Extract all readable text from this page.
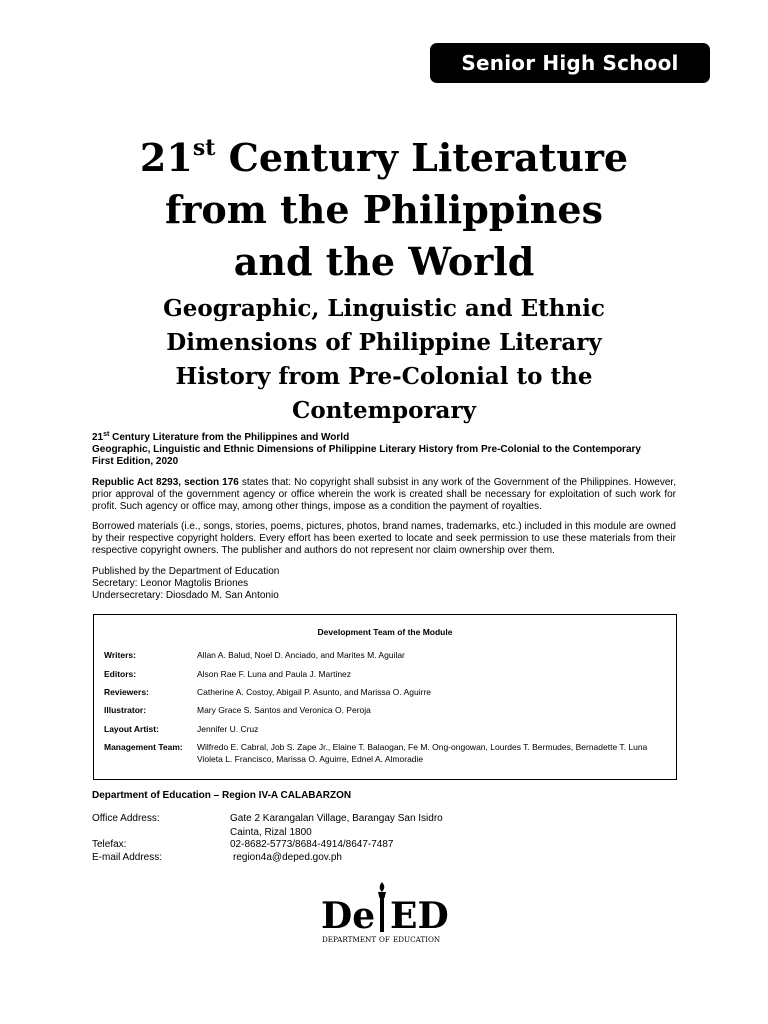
Senior High School
21st Century Literature
from the Philippines
and the World
Geographic, Linguistic and Ethnic
Dimensions of Philippine Literary
History from Pre-Colonial to the
Contemporary
21st Century Literature from the Philippines and World
Geographic, Linguistic and Ethnic Dimensions of Philippine Literary History from Pre-Colonial to the Contemporary
First Edition, 2020

Republic Act 8293, section 176 states that: No copyright shall subsist in any work of the Government of the Philippines. However, prior approval of the government agency or office wherein the work is created shall be necessary for exploitation of such work for profit. Such agency or office may, among other things, impose as a condition the payment of royalties.

Borrowed materials (i.e., songs, stories, poems, pictures, photos, brand names, trademarks, etc.) included in this module are owned by their respective copyright holders. Every effort has been exerted to locate and seek permission to use these materials from their respective copyright owners. The publisher and authors do not represent nor claim ownership over them.

Published by the Department of Education
Secretary: Leonor Magtolis Briones
Undersecretary: Diosdado M. San Antonio
Development Team of the Module
Writers:	Allan A. Balud, Noel D. Anciado, and Marites M. Aguilar
Editors:	Alson Rae F. Luna and Paula J. Martinez
Reviewers:	Catherine A. Costoy, Abigail P. Asunto, and Marissa O. Aguirre
Illustrator:	Mary Grace S. Santos and Veronica O. Peroja
Layout Artist:	Jennifer U. Cruz
Management Team:	Wilfredo E. Cabral, Job S. Zape Jr., Elaine T. Balaogan, Fe M. Ong-ongowan, Lourdes T. Bermudes, Bernadette T. Luna Violeta L. Francisco, Marissa O. Aguirre, Ednel A. Almoradie
Department of Education – Region IV-A CALABARZON
Office Address:	Gate 2 Karangalan Village, Barangay San Isidro
Cainta, Rizal 1800
Telefax:	02-8682-5773/8684-4914/8647-7487
E-mail Address:	region4a@deped.gov.ph
De ED
DEPARTMENT OF EDUCATION
